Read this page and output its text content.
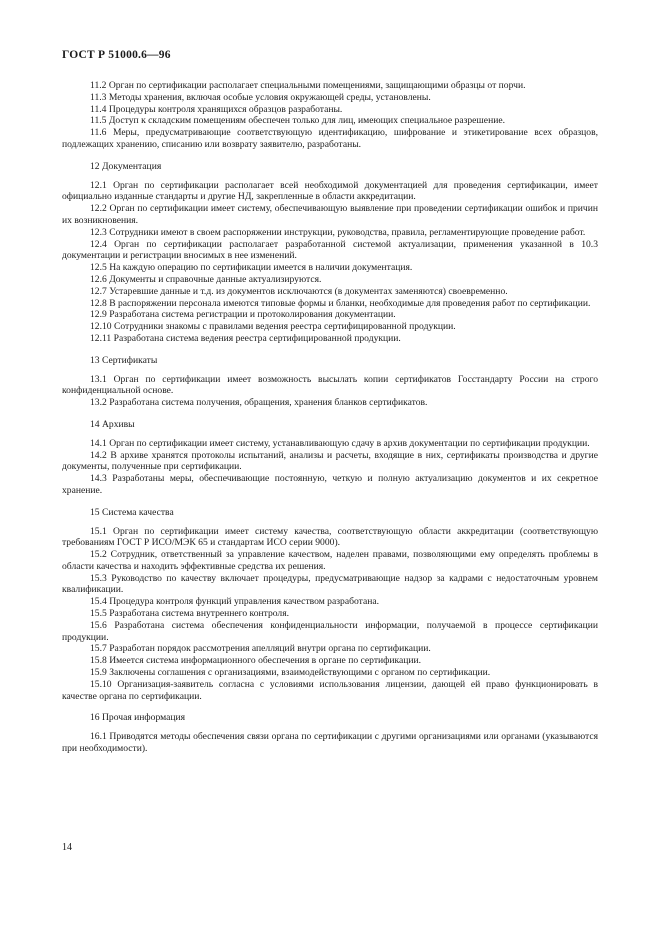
ГОСТ Р 51000.6—96
11.2 Орган по сертификации располагает специальными помещениями, защищающими образцы от порчи.
11.3 Методы хранения, включая особые условия окружающей среды, установлены.
11.4 Процедуры контроля хранящихся образцов разработаны.
11.5 Доступ к складским помещениям обеспечен только для лиц, имеющих специальное разрешение.
11.6 Меры, предусматривающие соответствующую идентификацию, шифрование и этикетирование всех образцов, подлежащих хранению, списанию или возврату заявителю, разработаны.
12 Документация
12.1 Орган по сертификации располагает всей необходимой документацией для проведения сертификации, имеет официально изданные стандарты и другие НД, закрепленные в области аккредитации.
12.2 Орган по сертификации имеет систему, обеспечивающую выявление при проведении сертификации ошибок и причин их возникновения.
12.3 Сотрудники имеют в своем распоряжении инструкции, руководства, правила, регламентирующие проведение работ.
12.4 Орган по сертификации располагает разработанной системой актуализации, применения указанной в 10.3 документации и регистрации вносимых в нее изменений.
12.5 На каждую операцию по сертификации имеется в наличии документация.
12.6 Документы и справочные данные актуализируются.
12.7 Устаревшие данные и т.д. из документов исключаются (в документах заменяются) своевременно.
12.8 В распоряжении персонала имеются типовые формы и бланки, необходимые для проведения работ по сертификации.
12.9 Разработана система регистрации и протоколирования документации.
12.10 Сотрудники знакомы с правилами ведения реестра сертифицированной продукции.
12.11 Разработана система ведения реестра сертифицированной продукции.
13 Сертификаты
13.1 Орган по сертификации имеет возможность высылать копии сертификатов Госстандарту России на строго конфиденциальной основе.
13.2 Разработана система получения, обращения, хранения бланков сертификатов.
14 Архивы
14.1 Орган по сертификации имеет систему, устанавливающую сдачу в архив документации по сертификации продукции.
14.2 В архиве хранятся протоколы испытаний, анализы и расчеты, входящие в них, сертификаты производства и другие документы, полученные при сертификации.
14.3 Разработаны меры, обеспечивающие постоянную, четкую и полную актуализацию документов и их секретное хранение.
15 Система качества
15.1 Орган по сертификации имеет систему качества, соответствующую области аккредитации (соответствующую требованиям ГОСТ Р ИСО/МЭК 65 и стандартам ИСО серии 9000).
15.2 Сотрудник, ответственный за управление качеством, наделен правами, позволяющими ему определять проблемы в области качества и находить эффективные средства их решения.
15.3 Руководство по качеству включает процедуры, предусматривающие надзор за кадрами с недостаточным уровнем квалификации.
15.4 Процедура контроля функций управления качеством разработана.
15.5 Разработана система внутреннего контроля.
15.6 Разработана система обеспечения конфиденциальности информации, получаемой в процессе сертификации продукции.
15.7 Разработан порядок рассмотрения апелляций внутри органа по сертификации.
15.8 Имеется система информационного обеспечения в органе по сертификации.
15.9 Заключены соглашения с организациями, взаимодействующими с органом по сертификации.
15.10 Организация-заявитель согласна с условиями использования лицензии, дающей ей право функционировать в качестве органа по сертификации.
16 Прочая информация
16.1 Приводятся методы обеспечения связи органа по сертификации с другими организациями или органами (указываются при необходимости).
14
